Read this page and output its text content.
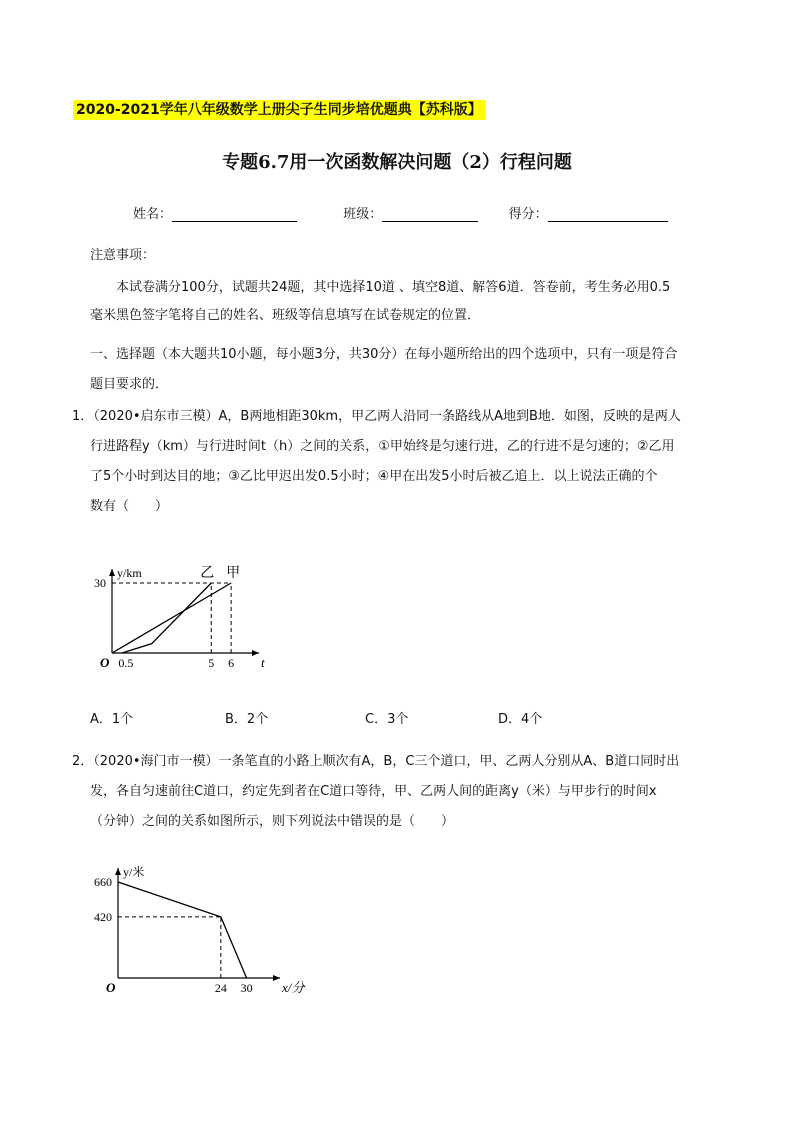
2020-2021学年八年级数学上册尖子生同步培优题典【苏科版】
专题6.7用一次函数解决问题（2）行程问题
姓名：	班级：	得分：
注意事项：
本试卷满分100分，试题共24题，其中选择10道 、填空8道、解答6道．答卷前，考生务必用0.5
毫米黑色签字笔将自己的姓名、班级等信息填写在试卷规定的位置．
一、选择题（本大题共10小题，每小题3分，共30分）在每小题所给出的四个选项中，只有一项是符合
题目要求的．
1．（2020•启东市三模）A，B两地相距30km，甲乙两人沿同一条路线从A地到B地．如图，反映的是两人
行进路程y（km）与行进时间t（h）之间的关系，①甲始终是匀速行进，乙的行进不是匀速的；②乙用
了5个小时到达目的地；③乙比甲迟出发0.5小时；④甲在出发5小时后被乙追上．以上说法正确的个
数有（　　）
O
y/km
t
0.5	5 6
30
甲
乙
A．1个	B．2个	C．3个	D．4个
2．（2020•海门市一模）一条笔直的小路上顺次有A，B，C三个道口，甲、乙两人分别从A、B道口同时出
发，各自匀速前往C道口，约定先到者在C道口等待，甲、乙两人间的距离y（米）与甲步行的时间x
（分钟）之间的关系如图所示，则下列说法中错误的是（　　）
O
y/米
x/分
24 30
660
420
